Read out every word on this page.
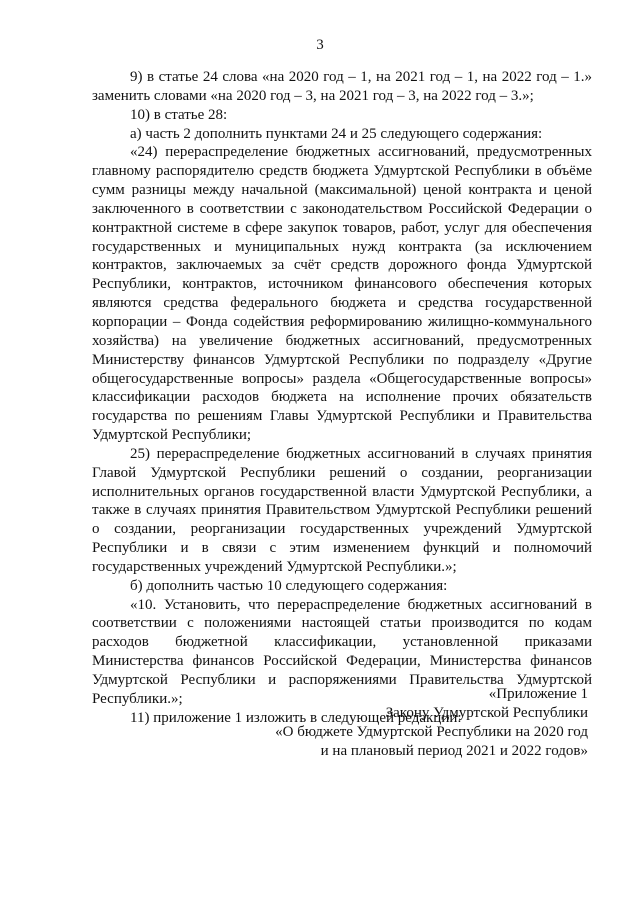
3

9) в статье 24 слова «на 2020 год – 1, на 2021 год – 1, на 2022 год – 1.» заменить словами «на 2020 год – 3, на 2021 год – 3, на 2022 год – 3.»;

10) в статье 28:

а) часть 2 дополнить пунктами 24 и 25 следующего содержания:

«24) перераспределение бюджетных ассигнований, предусмотренных главному распорядителю средств бюджета Удмуртской Республики в объёме сумм разницы между начальной (максимальной) ценой контракта и ценой заключенного в соответствии с законодательством Российской Федерации о контрактной системе в сфере закупок товаров, работ, услуг для обеспечения государственных и муниципальных нужд контракта (за исключением контрактов, заключаемых за счёт средств дорожного фонда Удмуртской Республики, контрактов, источником финансового обеспечения которых являются средства федерального бюджета и средства государственной корпорации – Фонда содействия реформированию жилищно-коммунального хозяйства) на увеличение бюджетных ассигнований, предусмотренных Министерству финансов Удмуртской Республики по подразделу «Другие общегосударственные вопросы» раздела «Общегосударственные вопросы» классификации расходов бюджета на исполнение прочих обязательств государства по решениям Главы Удмуртской Республики и Правительства Удмуртской Республики;

25) перераспределение бюджетных ассигнований в случаях принятия Главой Удмуртской Республики решений о создании, реорганизации исполнительных органов государственной власти Удмуртской Республики, а также в случаях принятия Правительством Удмуртской Республики решений о создании, реорганизации государственных учреждений Удмуртской Республики и в связи с этим изменением функций и полномочий государственных учреждений Удмуртской Республики.»;

б) дополнить частью 10 следующего содержания:

«10. Установить, что перераспределение бюджетных ассигнований в соответствии с положениями настоящей статьи производится по кодам расходов бюджетной классификации, установленной приказами Министерства финансов Российской Федерации, Министерства финансов Удмуртской Республики и распоряжениями Правительства Удмуртской Республики.»;

11) приложение 1 изложить в следующей редакции:

«Приложение 1
Закону Удмуртской Республики
«О бюджете Удмуртской Республики на 2020 год
и на плановый период 2021 и 2022 годов»
